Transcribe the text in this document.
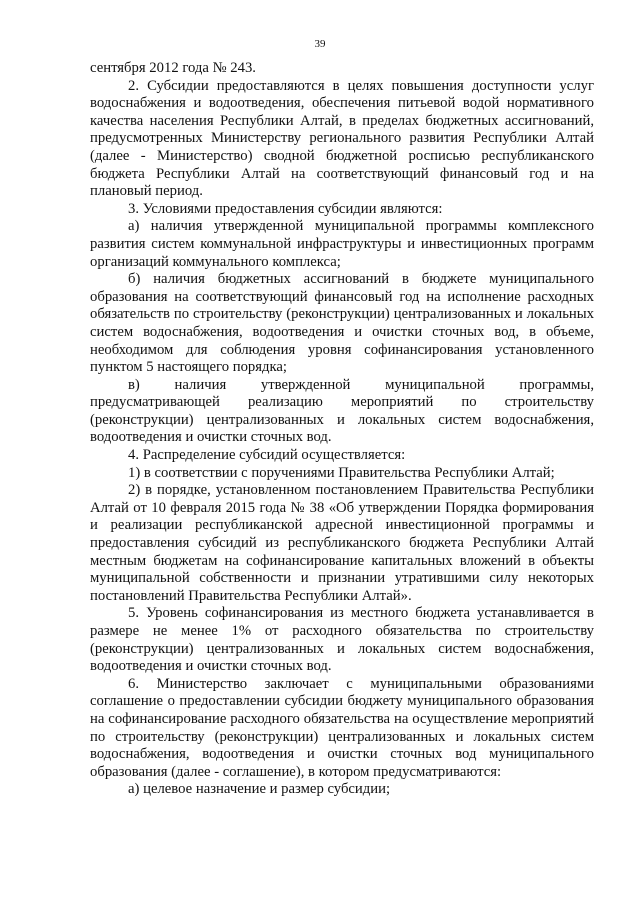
39

сентября 2012 года № 243.

2. Субсидии предоставляются в целях повышения доступности услуг водоснабжения и водоотведения, обеспечения питьевой водой нормативного качества населения Республики Алтай, в пределах бюджетных ассигнований, предусмотренных Министерству регионального развития Республики Алтай (далее - Министерство) сводной бюджетной росписью республиканского бюджета Республики Алтай на соответствующий финансовый год и на плановый период.

3. Условиями предоставления субсидии являются:

а) наличия утвержденной муниципальной программы комплексного развития систем коммунальной инфраструктуры и инвестиционных программ организаций коммунального комплекса;

б) наличия бюджетных ассигнований в бюджете муниципального образования на соответствующий финансовый год на исполнение расходных обязательств по строительству (реконструкции) централизованных и локальных систем водоснабжения, водоотведения и очистки сточных вод, в объеме, необходимом для соблюдения уровня софинансирования установленного пунктом 5 настоящего порядка;

в) наличия утвержденной муниципальной программы, предусматривающей реализацию мероприятий по строительству (реконструкции) централизованных и локальных систем водоснабжения, водоотведения и очистки сточных вод.

4. Распределение субсидий осуществляется:

1) в соответствии с поручениями Правительства Республики Алтай;

2) в порядке, установленном постановлением Правительства Республики Алтай от 10 февраля 2015 года № 38 «Об утверждении Порядка формирования и реализации республиканской адресной инвестиционной программы и предоставления субсидий из республиканского бюджета Республики Алтай местным бюджетам на софинансирование капитальных вложений в объекты муниципальной собственности и признании утратившими силу некоторых постановлений Правительства Республики Алтай».

5. Уровень софинансирования из местного бюджета устанавливается в размере не менее 1% от расходного обязательства по строительству (реконструкции) централизованных и локальных систем водоснабжения, водоотведения и очистки сточных вод.

6. Министерство заключает с муниципальными образованиями соглашение о предоставлении субсидии бюджету муниципального образования на софинансирование расходного обязательства на осуществление мероприятий по строительству (реконструкции) централизованных и локальных систем водоснабжения, водоотведения и очистки сточных вод муниципального образования (далее - соглашение), в котором предусматриваются:

а) целевое назначение и размер субсидии;
